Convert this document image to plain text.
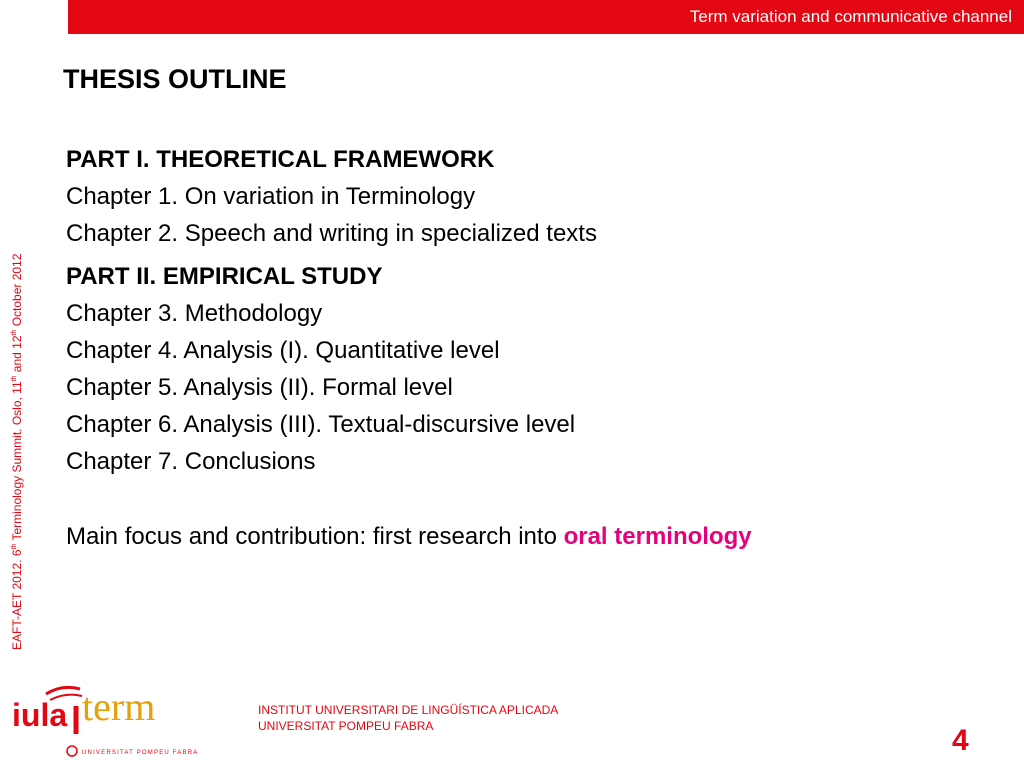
Term variation and communicative channel
THESIS OUTLINE
EAFT-AET 2012. 6th Terminology Summit. Oslo, 11th and 12th October 2012
PART I. THEORETICAL FRAMEWORK
Chapter 1. On variation in Terminology
Chapter 2. Speech and writing in specialized texts
PART II. EMPIRICAL STUDY
Chapter 3. Methodology
Chapter 4. Analysis (I). Quantitative level
Chapter 5. Analysis (II). Formal level
Chapter 6. Analysis (III). Textual-discursive level
Chapter 7. Conclusions
Main focus and contribution: first research into oral terminology
iula term
UNIVERSITAT POMPEU FABRA
INSTITUT UNIVERSITARI DE LINGÜÍSTICA APLICADA
UNIVERSITAT POMPEU FABRA	4
